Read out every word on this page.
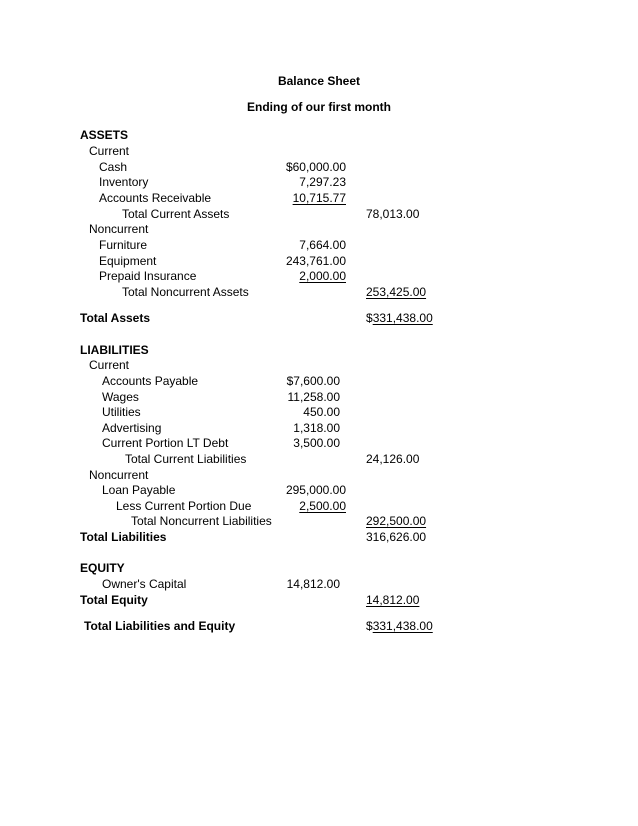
Balance Sheet
Ending of our first month
ASSETS
Current
Cash	$60,000.00
Inventory	7,297.23
Accounts Receivable	10,715.77
Total Current Assets	78,013.00
Noncurrent
Furniture	7,664.00
Equipment	243,761.00
Prepaid Insurance	2,000.00
Total Noncurrent Assets	253,425.00
Total Assets	$331,438.00
LIABILITIES
Current
Accounts Payable	$7,600.00
Wages	11,258.00
Utilities	450.00
Advertising	1,318.00
Current Portion LT Debt	3,500.00
Total Current Liabilities	24,126.00
Noncurrent
Loan Payable	295,000.00
Less Current Portion Due	2,500.00
Total Noncurrent Liabilities	292,500.00
Total Liabilities	316,626.00
EQUITY
Owner's Capital	14,812.00
Total Equity	14,812.00
Total Liabilities and Equity	$331,438.00
